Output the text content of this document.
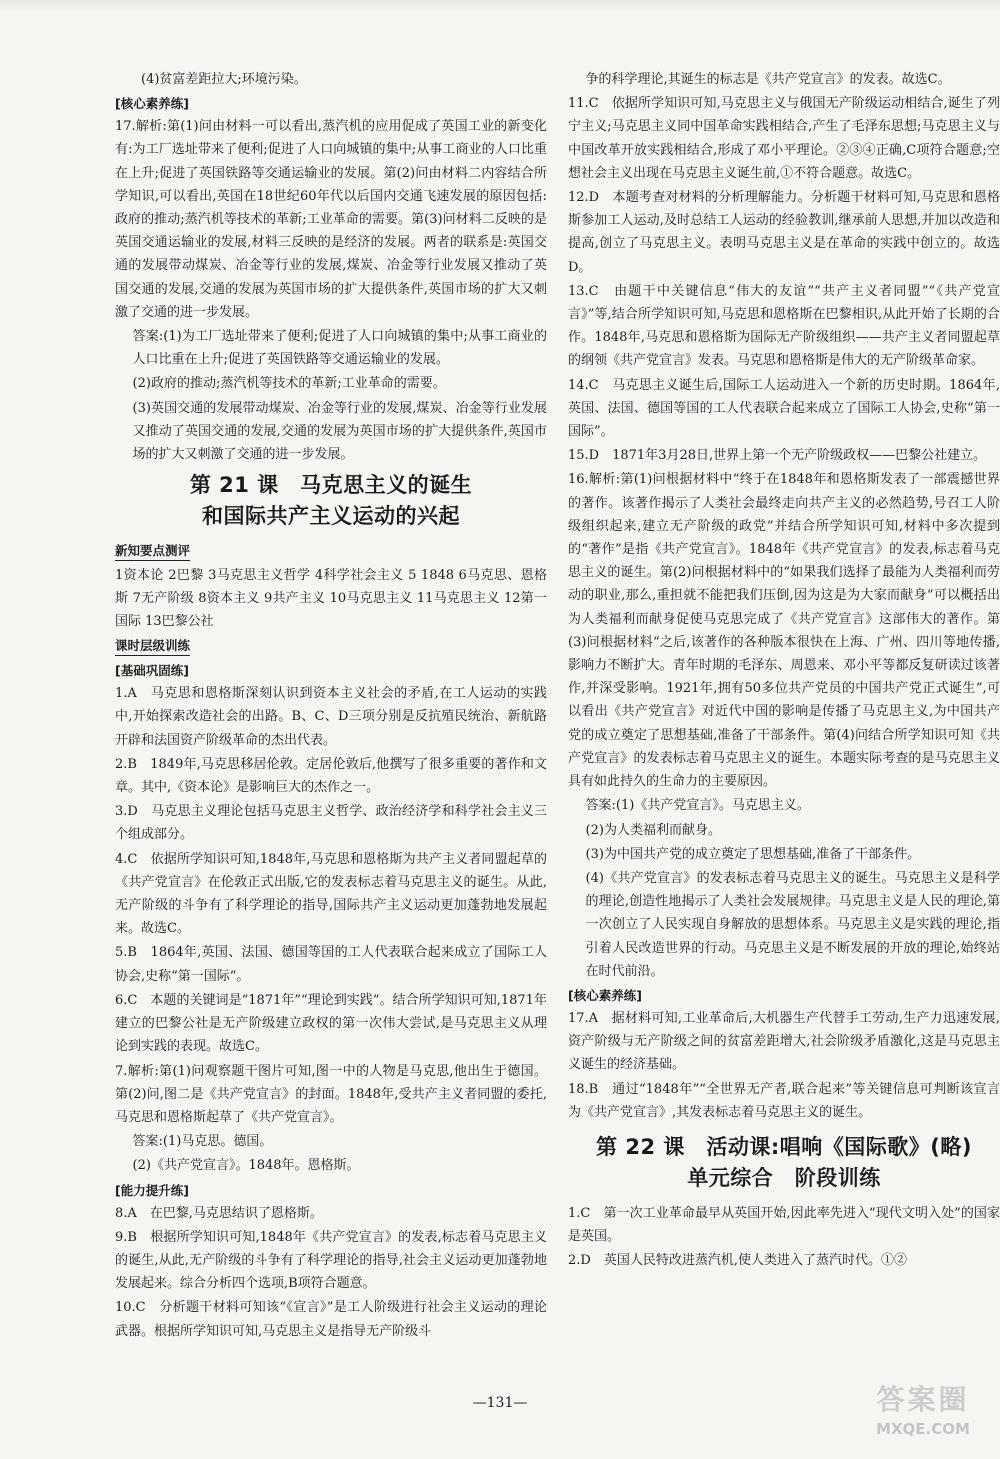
(4)贫富差距拉大;环境污染。

[核心素养练]

17.解析:第(1)问由材料一可以看出,蒸汽机的应用促成了英国工业的新变化有:为工厂选址带来了便利;促进了人口向城镇的集中;从事工商业的人口比重在上升;促进了英国铁路等交通运输业的发展。第(2)问由材料二内容结合所学知识,可以看出,英国在18世纪60年代以后国内交通飞速发展的原因包括:政府的推动;蒸汽机等技术的革新;工业革命的需要。第(3)问材料二反映的是英国交通运输业的发展,材料三反映的是经济的发展。两者的联系是:英国交通的发展带动煤炭、冶金等行业的发展,煤炭、冶金等行业发展又推动了英国交通的发展,交通的发展为英国市场的扩大提供条件,英国市场的扩大又刺激了交通的进一步发展。

答案:(1)为工厂选址带来了便利;促进了人口向城镇的集中;从事工商业的人口比重在上升;促进了英国铁路等交通运输业的发展。

(2)政府的推动;蒸汽机等技术的革新;工业革命的需要。

(3)英国交通的发展带动煤炭、冶金等行业的发展,煤炭、冶金等行业发展又推动了英国交通的发展,交通的发展为英国市场的扩大提供条件,英国市场的扩大又刺激了交通的进一步发展。

第 21 课　马克思主义的诞生
和国际共产主义运动的兴起
新知要点测评

1资本论 2巴黎 3马克思主义哲学 4科学社会主义 5 1848 6马克思、恩格斯 7无产阶级 8资本主义 9共产主义 10马克思主义 11马克思主义 12第一国际 13巴黎公社

课时层级训练
[基础巩固练]

1.A　马克思和恩格斯深刻认识到资本主义社会的矛盾,在工人运动的实践中,开始探索改造社会的出路。B、C、D三项分别是反抗殖民统治、新航路开辟和法国资产阶级革命的杰出代表。

2.B　1849年,马克思移居伦敦。定居伦敦后,他撰写了很多重要的著作和文章。其中,《资本论》是影响巨大的杰作之一。

3.D　马克思主义理论包括马克思主义哲学、政治经济学和科学社会主义三个组成部分。

4.C　依据所学知识可知,1848年,马克思和恩格斯为共产主义者同盟起草的《共产党宣言》在伦敦正式出版,它的发表标志着马克思主义的诞生。从此,无产阶级的斗争有了科学理论的指导,国际共产主义运动更加蓬勃地发展起来。故选C。

5.B　1864年,英国、法国、德国等国的工人代表联合起来成立了国际工人协会,史称“第一国际”。

6.C　本题的关键词是“1871年”“理论到实践”。结合所学知识可知,1871年建立的巴黎公社是无产阶级建立政权的第一次伟大尝试,是马克思主义从理论到实践的表现。故选C。

7.解析:第(1)问观察题干图片可知,图一中的人物是马克思,他出生于德国。第(2)问,图二是《共产党宣言》的封面。1848年,受共产主义者同盟的委托,马克思和恩格斯起草了《共产党宣言》。

答案:(1)马克思。德国。

(2)《共产党宣言》。1848年。恩格斯。

[能力提升练]

8.A　在巴黎,马克思结识了恩格斯。

9.B　根据所学知识可知,1848年《共产党宣言》的发表,标志着马克思主义的诞生,从此,无产阶级的斗争有了科学理论的指导,社会主义运动更加蓬勃地发展起来。综合分析四个选项,B项符合题意。

10.C　分析题干材料可知该“《宣言》”是工人阶级进行社会主义运动的理论武器。根据所学知识可知,马克思主义是指导无产阶级斗

争的科学理论,其诞生的标志是《共产党宣言》的发表。故选C。

11.C　依据所学知识可知,马克思主义与俄国无产阶级运动相结合,诞生了列宁主义;马克思主义同中国革命实践相结合,产生了毛泽东思想;马克思主义与中国改革开放实践相结合,形成了邓小平理论。②③④正确,C项符合题意;空想社会主义出现在马克思主义诞生前,①不符合题意。故选C。

12.D　本题考查对材料的分析理解能力。分析题干材料可知,马克思和恩格斯参加工人运动,及时总结工人运动的经验教训,继承前人思想,并加以改造和提高,创立了马克思主义。表明马克思主义是在革命的实践中创立的。故选D。

13.C　由题干中关键信息“伟大的友谊”“共产主义者同盟”“《共产党宣言》”等,结合所学知识可知,马克思和恩格斯在巴黎相识,从此开始了长期的合作。1848年,马克思和恩格斯为国际无产阶级组织——共产主义者同盟起草的纲领《共产党宣言》发表。马克思和恩格斯是伟大的无产阶级革命家。

14.C　马克思主义诞生后,国际工人运动进入一个新的历史时期。1864年,英国、法国、德国等国的工人代表联合起来成立了国际工人协会,史称“第一国际”。

15.D　1871年3月28日,世界上第一个无产阶级政权——巴黎公社建立。

16.解析:第(1)问根据材料中“终于在1848年和恩格斯发表了一部震撼世界的著作。该著作揭示了人类社会最终走向共产主义的必然趋势,号召工人阶级组织起来,建立无产阶级的政党”并结合所学知识可知,材料中多次提到的“著作”是指《共产党宣言》。1848年《共产党宣言》的发表,标志着马克思主义的诞生。第(2)问根据材料中的“如果我们选择了最能为人类福利而劳动的职业,那么,重担就不能把我们压倒,因为这是为大家而献身”可以概括出为人类福利而献身促使马克思完成了《共产党宣言》这部伟大的著作。第(3)问根据材料“之后,该著作的各种版本很快在上海、广州、四川等地传播,影响力不断扩大。青年时期的毛泽东、周恩来、邓小平等都反复研读过该著作,并深受影响。1921年,拥有50多位共产党员的中国共产党正式诞生”,可以看出《共产党宣言》对近代中国的影响是传播了马克思主义,为中国共产党的成立奠定了思想基础,准备了干部条件。第(4)问结合所学知识可知《共产党宣言》的发表标志着马克思主义的诞生。本题实际考查的是马克思主义具有如此持久的生命力的主要原因。

答案:(1)《共产党宣言》。马克思主义。

(2)为人类福利而献身。

(3)为中国共产党的成立奠定了思想基础,准备了干部条件。

(4)《共产党宣言》的发表标志着马克思主义的诞生。马克思主义是科学的理论,创造性地揭示了人类社会发展规律。马克思主义是人民的理论,第一次创立了人民实现自身解放的思想体系。马克思主义是实践的理论,指引着人民改造世界的行动。马克思主义是不断发展的开放的理论,始终站在时代前沿。

[核心素养练]

17.A　据材料可知,工业革命后,大机器生产代替手工劳动,生产力迅速发展,资产阶级与无产阶级之间的贫富差距增大,社会阶级矛盾激化,这是马克思主义诞生的经济基础。

18.B　通过“1848年”“全世界无产者,联合起来”等关键信息可判断该宣言为《共产党宣言》,其发表标志着马克思主义的诞生。

第 22 课　活动课:唱响《国际歌》(略)
单元综合　阶段训练

1.C　第一次工业革命最早从英国开始,因此率先进入“现代文明入处”的国家是英国。

2.D　英国人民特改进蒸汽机,使人类进入了蒸汽时代。①②

—131—	答案圈
MXQE.COM
